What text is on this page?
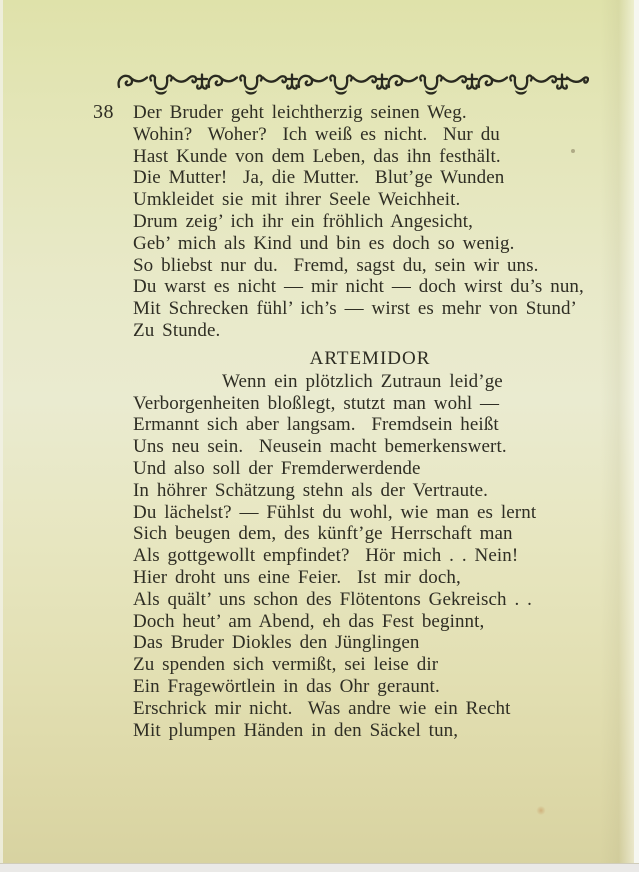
38 Der Bruder geht leichtherzig seinen Weg.
Wohin?  Woher?  Ich weiß es nicht.  Nur du
Hast Kunde von dem Leben, das ihn festhält.
Die Mutter!  Ja, die Mutter.  Blut’ge Wunden
Umkleidet sie mit ihrer Seele Weichheit.
Drum zeig’ ich ihr ein fröhlich Angesicht,
Geb’ mich als Kind und bin es doch so wenig.
So bliebst nur du.  Fremd, sagst du, sein wir uns.
Du warst es nicht — mir nicht — doch wirst du’s nun,
Mit Schrecken fühl’ ich’s — wirst es mehr von Stund’
Zu Stunde.
ARTEMIDOR
Wenn ein plötzlich Zutraun leid’ge
Verborgenheiten bloßlegt, stutzt man wohl —
Ermannt sich aber langsam.  Fremdsein heißt
Uns neu sein.  Neusein macht bemerkenswert.
Und also soll der Fremderwerdende
In höhrer Schätzung stehn als der Vertraute.
Du lächelst? — Fühlst du wohl, wie man es lernt
Sich beugen dem, des künft’ge Herrschaft man
Als gottgewollt empfindet?  Hör mich . . Nein!
Hier droht uns eine Feier.  Ist mir doch,
Als quält’ uns schon des Flötentons Gekreisch . .
Doch heut’ am Abend, eh das Fest beginnt,
Das Bruder Diokles den Jünglingen
Zu spenden sich vermißt, sei leise dir
Ein Fragewörtlein in das Ohr geraunt.
Erschrick mir nicht.  Was andre wie ein Recht
Mit plumpen Händen in den Säckel tun,
